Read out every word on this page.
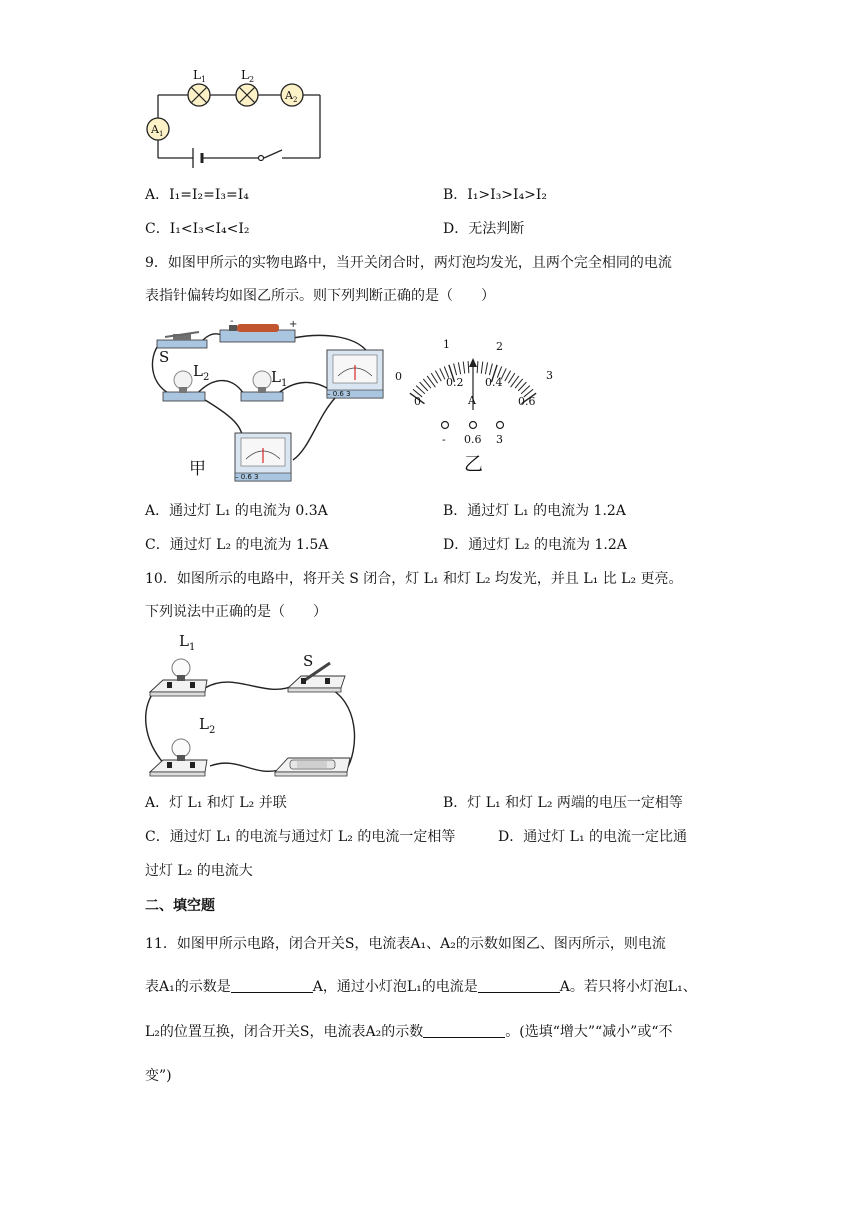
$L_1$	$L_2$
$A_2$
$A_1$
A．I₁=I₂=I₃=I₄	B．I₁>I₃>I₄>I₂
C．I₁<I₃<I₄<I₂	D．无法判断
9．如图甲所示的实物电路中，当开关闭合时，两灯泡均发光，且两个完全相同的电流
表指针偏转均如图乙所示。则下列判断正确的是（　　）
-	+
S
$L_2$	$L_1$
– 0.6 3
– 0.6 3
甲
0
1	2
3
0
0.2 0.4
0.6
A
- 0.6 3
乙
A．通过灯 L₁ 的电流为 0.3A	B．通过灯 L₁ 的电流为 1.2A
C．通过灯 L₂ 的电流为 1.5A	D．通过灯 L₂ 的电流为 1.2A
10．如图所示的电路中，将开关 S 闭合，灯 L₁ 和灯 L₂ 均发光，并且 L₁ 比 L₂ 更亮。
下列说法中正确的是（　　）
$L_1$
$L_2$
S
A．灯 L₁ 和灯 L₂ 并联	B．灯 L₁ 和灯 L₂ 两端的电压一定相等
C．通过灯 L₁ 的电流与通过灯 L₂ 的电流一定相等	D．通过灯 L₁ 的电流一定比通
过灯 L₂ 的电流大
二、填空题
11．如图甲所示电路，闭合开关S，电流表A₁、A₂的示数如图乙、图丙所示，则电流
表A₁的示数是	A，通过小灯泡L₁的电流是	A。若只将小灯泡L₁、
L₂的位置互换，闭合开关S，电流表A₂的示数	。(选填“增大”“减小”或“不
变”)
